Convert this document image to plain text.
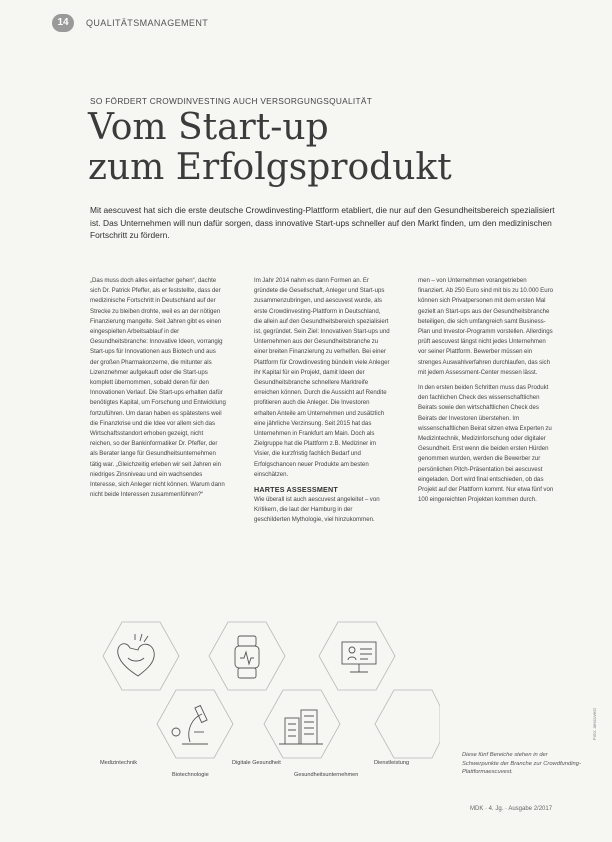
14	QUALITÄTSMANAGEMENT
SO FÖRDERT CROWDINVESTING AUCH VERSORGUNGSQUALITÄT
Vom Start-up
zum Erfolgsprodukt
Mit aescuvest hat sich die erste deutsche Crowdinvesting-Plattform etabliert, die nur auf den Gesundheitsbereich spezialisiert ist. Das Unternehmen will nun dafür sorgen, dass innovative Start-ups schneller auf den Markt finden, um den medizinischen Fortschritt zu fördern.
„Das muss doch alles einfacher gehen“, dachte sich Dr. Patrick Pfeffer, als er feststellte, dass der medizinische Fortschritt in Deutschland auf der Strecke zu bleiben drohte, weil es an der nötigen Finanzierung mangelte. Seit Jahren gibt es einen eingespielten Arbeitsablauf in der Gesundheitsbranche: Innovative Ideen, vorrangig Start-ups für Innovationen aus Biotech und aus der großen Pharmakonzerne, die mitunter als Lizenznehmer aufgekauft oder die Start-ups komplett übernommen, sobald deren für den Innovationen Verlauf. Die Start-ups erhalten dafür benötigtes Kapital, um Forschung und Entwicklung fortzuführen. Um daran haben es spätestens weil die Finanzkrise und die Idee vor allem sich das Wirtschaftsstandort erhoben gezeigt, nicht reichen, so der Bankinformatiker Dr. Pfeffer, der als Berater lange für Gesundheitsunternehmen tätig war. „Gleichzeitig erleben wir seit Jahren ein niedriges Zinsniveau und ein wachsendes Interesse, sich Anleger nicht können. Warum dann nicht beide Interessen zusammenführen?“
Im Jahr 2014 nahm es dann Formen an. Er gründete die Gesellschaft, Anleger und Start-ups zusammenzubringen, und aescuvest wurde, als erste Crowdinvesting-Plattform in Deutschland, die allein auf den Gesundheitsbereich spezialisiert ist, gegründet. Sein Ziel: Innovativen Start-ups und Unternehmen aus der Gesundheitsbranche zu einer breiten Finanzierung zu verhelfen. Bei einer Plattform für Crowdinvesting bündeln viele Anleger ihr Kapital für ein Projekt, damit Ideen der Gesundheitsbranche schnellere Marktreife erreichen können. Durch die Aussicht auf Rendite profitieren auch die Anleger. Die Investoren erhalten Anteile am Unternehmen und zusätzlich eine jährliche Verzinsung. Seit 2015 hat das Unternehmen in Frankfurt am Main. Doch als Zielgruppe hat die Plattform z.B. Mediziner im Visier, die kurzfristig fachlich Bedarf und Erfolgschancen neuer Produkte am besten einschätzen.
HARTES ASSESSMENT
Wie überall ist auch aescuvest angeleitet – von Kritikern, die laut der Hamburg in der geschilderten Mythologie, viel hinzukommen.
men – von Unternehmen vorangetrieben finanziert. Ab 250 Euro sind mit bis zu 10.000 Euro können sich Privatpersonen mit dem ersten Mal gezielt an Start-ups aus der Gesundheitsbranche beteiligen, die sich umfangreich samt Business-Plan und Investor-Programm vorstellen. Allerdings prüft aescuvest längst nicht jedes Unternehmen vor seiner Plattform. Bewerber müssen ein strenges Auswahlverfahren durchlaufen, das sich mit jedem Assessment-Center messen lässt.
In den ersten beiden Schritten muss das Produkt den fachlichen Check des wissenschaftlichen Beirats sowie den wirtschaftlichen Check des Beirats der Investoren überstehen. Im wissenschaftlichen Beirat sitzen etwa Experten zu Medizintechnik, Medizinforschung oder digitaler Gesundheit. Erst wenn die beiden ersten Hürden genommen wurden, werden die Bewerber zur persönlichen Pitch-Präsentation bei aescuvest eingeladen. Dort wird final entschieden, ob das Projekt auf der Plattform kommt. Nur etwa fünf von 100 eingereichten Projekten kommen durch.
Medizintechnik
Biotechnologie
Digitale Gesundheit
Gesundheitsunternehmen
Dienstleistung
Diese fünf Bereiche stehen in der Schwerpunkte der Branche zur Crowdfunding-Plattformaescuvest.
Foto: aescuvest
MDK · 4. Jg. · Ausgabe 2/2017
